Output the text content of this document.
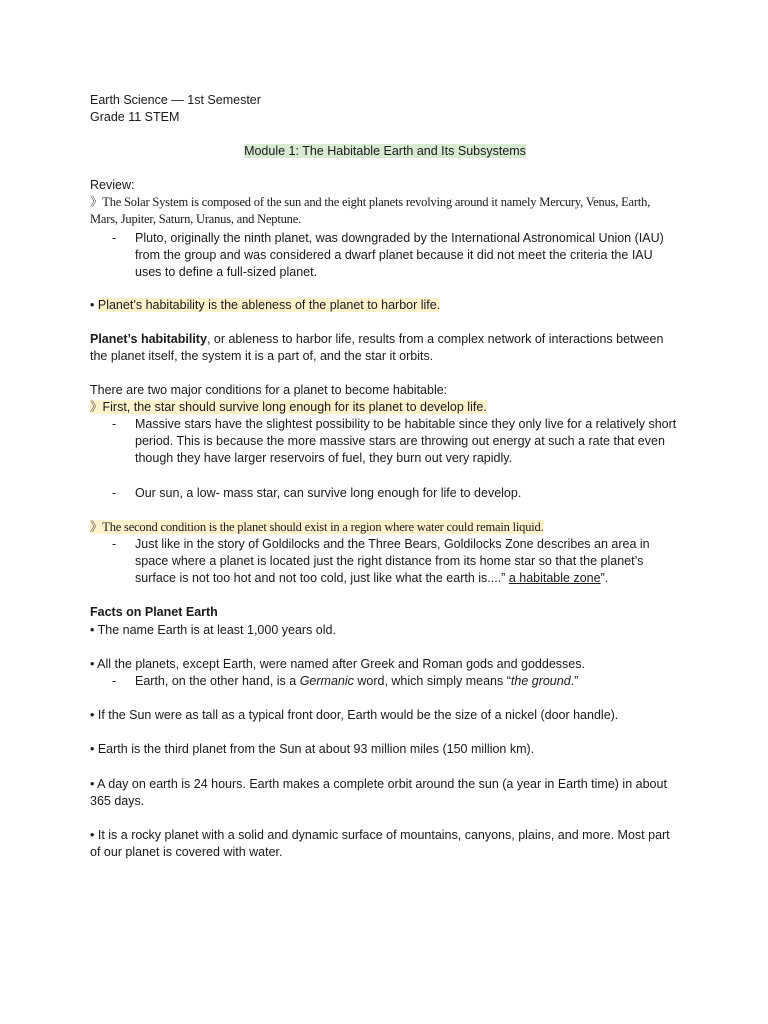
Earth Science — 1st Semester
Grade 11 STEM
Module 1: The Habitable Earth and Its Subsystems
Review:
》The Solar System is composed of the sun and the eight planets revolving around it namely Mercury, Venus, Earth, Mars, Jupiter, Saturn, Uranus, and Neptune.
- Pluto, originally the ninth planet, was downgraded by the International Astronomical Union (IAU) from the group and was considered a dwarf planet because it did not meet the criteria the IAU uses to define a full-sized planet.
• Planet’s habitability is the ableness of the planet to harbor life.
Planet’s habitability, or ableness to harbor life, results from a complex network of interactions between the planet itself, the system it is a part of, and the star it orbits.
There are two major conditions for a planet to become habitable:
》First, the star should survive long enough for its planet to develop life.
- Massive stars have the slightest possibility to be habitable since they only live for a relatively short period. This is because the more massive stars are throwing out energy at such a rate that even though they have larger reservoirs of fuel, they burn out very rapidly.
- Our sun, a low- mass star, can survive long enough for life to develop.
》The second condition is the planet should exist in a region where water could remain liquid.
- Just like in the story of Goldilocks and the Three Bears, Goldilocks Zone describes an area in space where a planet is located just the right distance from its home star so that the planet’s surface is not too hot and not too cold, just like what the earth is....” a habitable zone”.
Facts on Planet Earth
• The name Earth is at least 1,000 years old.
• All the planets, except Earth, were named after Greek and Roman gods and goddesses.
- Earth, on the other hand, is a Germanic word, which simply means “the ground.”
• If the Sun were as tall as a typical front door, Earth would be the size of a nickel (door handle).
• Earth is the third planet from the Sun at about 93 million miles (150 million km).
• A day on earth is 24 hours. Earth makes a complete orbit around the sun (a year in Earth time) in about 365 days.
• It is a rocky planet with a solid and dynamic surface of mountains, canyons, plains, and more. Most part of our planet is covered with water.
